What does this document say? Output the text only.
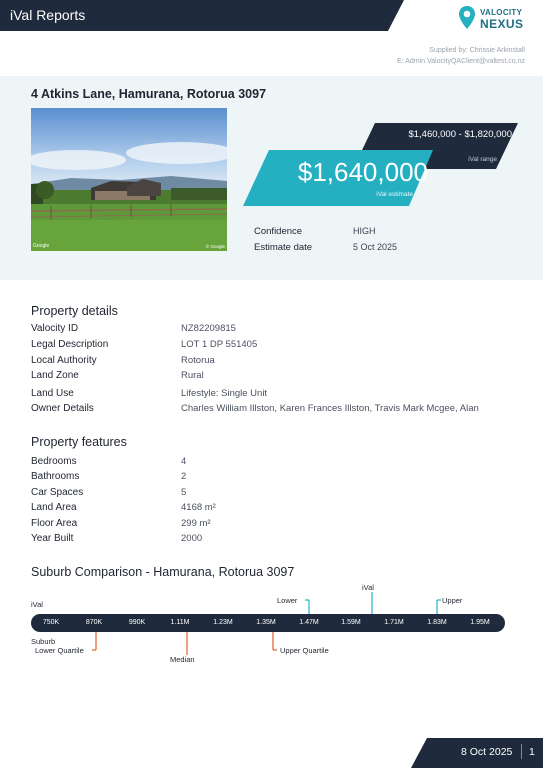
iVal Reports	VALOCITY
NEXUS
Supplied by: Chrissie Arkinstall
E: Admin.ValocityQAClient@valtest.co.nz
4 Atkins Lane, Hamurana, Rotorua 3097
Google	© Google
$1,460,000 - $1,820,000
iVal range
$1,640,000
iVal estimate
Confidence	HIGH
Estimate date	5 Oct 2025
Property details
Valocity ID	NZ82209815
Legal Description	LOT 1 DP 551405
Local Authority	Rotorua
Land Zone	Rural
Land Use	Lifestyle: Single Unit
Owner Details	Charles William Illston, Karen Frances Illston, Travis Mark Mcgee, Alan
Property features
Bedrooms	4
Bathrooms	2
Car Spaces	5
Land Area	4168 m²
Floor Area	299 m²
Year Built	2000
Suburb Comparison - Hamurana, Rotorua 3097
750K	870K	990K	1.11M	1.23M	1.35M	1.47M	1.59M	1.71M	1.83M	1.95M
iVal
Suburb
Lower
iVal
Upper
Lower Quartile
Median
Upper Quartile
8 Oct 2025 1
